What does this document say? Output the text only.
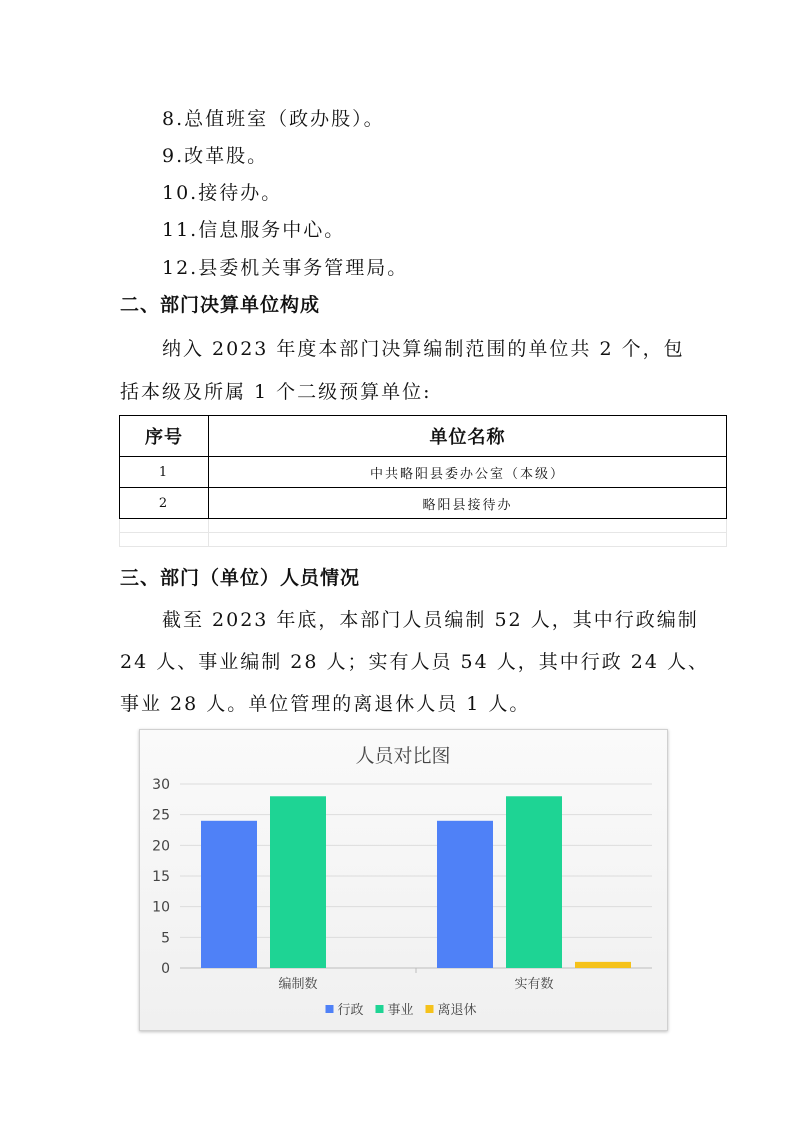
8.总值班室（政办股）。
9.改革股。
10.接待办。
11.信息服务中心。
12.县委机关事务管理局。
二、部门决算单位构成
纳入 2023 年度本部门决算编制范围的单位共 2 个，包
括本级及所属 1 个二级预算单位:
序号	单位名称
1	中共略阳县委办公室（本级）
2	略阳县接待办

三、部门（单位）人员情况
截至 2023 年底，本部门人员编制 52 人，其中行政编制
24 人、事业编制 28 人；实有人员 54 人，其中行政 24 人、
事业 28 人。单位管理的离退休人员 1 人。
人员对比图
0
5
10
15
20
25
30
编制数	实有数
行政 事业 离退休
